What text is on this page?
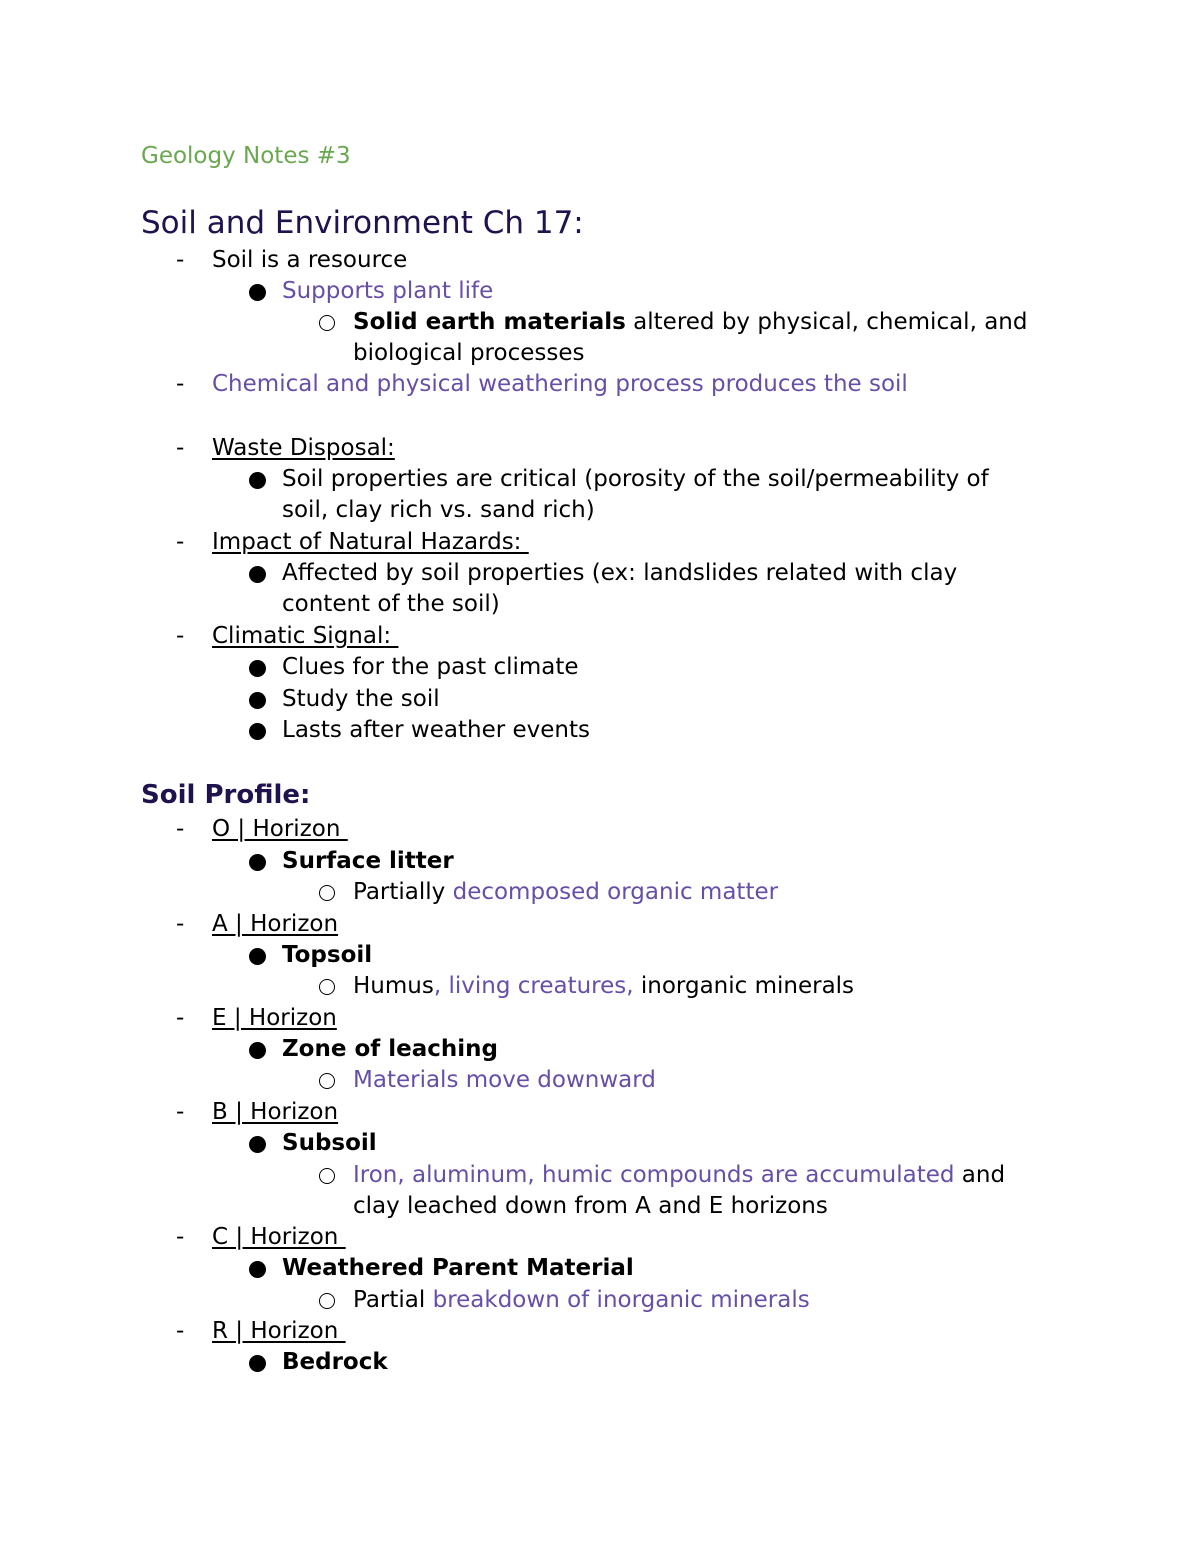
Geology Notes #3
Soil and Environment Ch 17:
- Soil is a resource
Supports plant life
Solid earth materials altered by physical, chemical, and
biological processes
- Chemical and physical weathering process produces the soil
- Waste Disposal:
Soil properties are critical (porosity of the soil/permeability of
soil, clay rich vs. sand rich)
- Impact of Natural Hazards:
Affected by soil properties (ex: landslides related with clay
content of the soil)
- Climatic Signal:
Clues for the past climate
Study the soil
Lasts after weather events
Soil Profile:
- O | Horizon
Surface litter
Partially decomposed organic matter
- A | Horizon
Topsoil
Humus, living creatures, inorganic minerals
- E | Horizon
Zone of leaching
Materials move downward
- B | Horizon
Subsoil
Iron, aluminum, humic compounds are accumulated and
clay leached down from A and E horizons
- C | Horizon
Weathered Parent Material
Partial breakdown of inorganic minerals
- R | Horizon
Bedrock
